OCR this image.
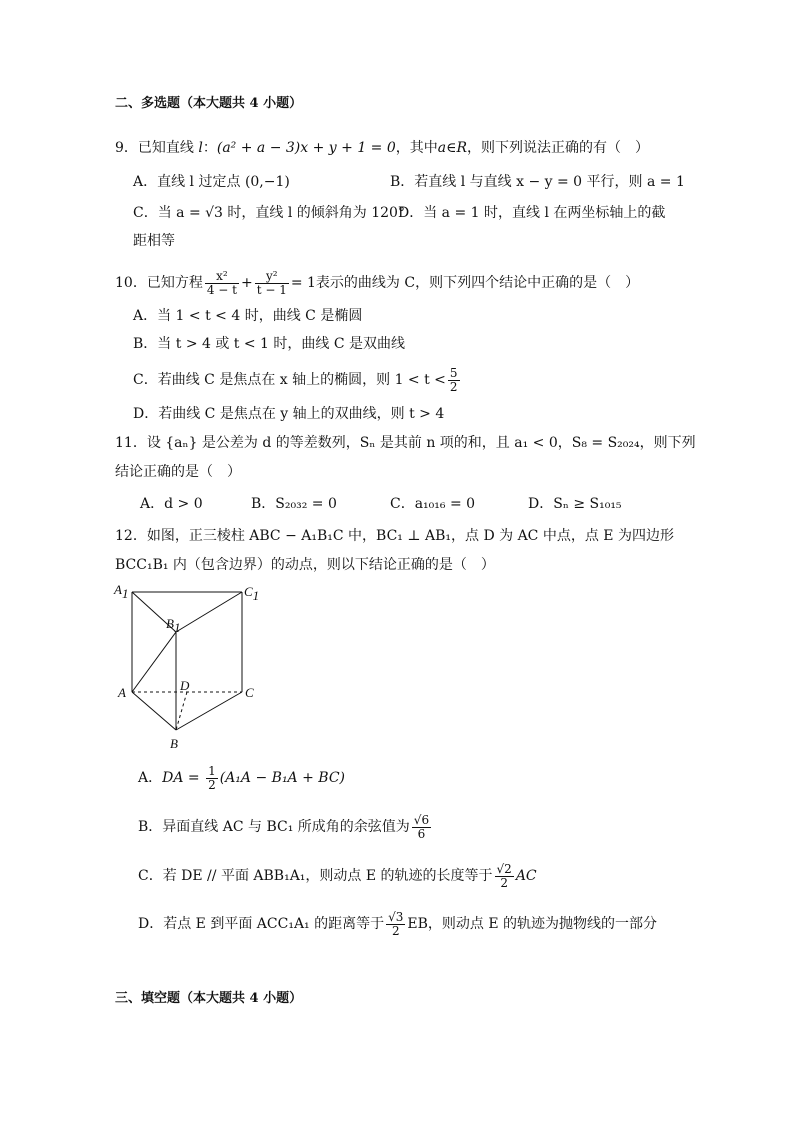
二、多选题（本大题共 4 小题）
9．已知直线 l：(a² + a − 3)x + y + 1 = 0，其中a∈R，则下列说法正确的有（　）
A．直线 l 过定点 (0,−1)	B．若直线 l 与直线 x − y = 0 平行，则 a = 1
C．当 a = √3 时，直线 l 的倾斜角为 120°
D．当 a = 1 时，直线 l 在两坐标轴上的截
距相等
10．已知方程 $\frac{\text{x²}}{4 - t} + \frac{\text{y²}}{t - 1} = 1$表示的曲线为 C，则下列四个结论中正确的是（　）
A．当 1 < t < 4 时，曲线 C 是椭圆
B．当 t > 4 或 t < 1 时，曲线 C 是双曲线
C．若曲线 C 是焦点在 x 轴上的椭圆，则 $1 < t < \frac{5}{2}$
D．若曲线 C 是焦点在 y 轴上的双曲线，则 t > 4
11．设 {aₙ} 是公差为 d 的等差数列，Sₙ 是其前 n 项的和，且 a₁ < 0，S₈ = S₂₀₂₄，则下列
结论正确的是（　）
A．d > 0	B．S₂₀₃₂ = 0	C．a₁₀₁₆ = 0	D．Sₙ ≥ S₁₀₁₅
12．如图，正三棱柱 ABC − A₁B₁C 中，BC₁ ⊥ AB₁，点 D 为 AC 中点，点 E 为四边形
BCC₁B₁ 内（包含边界）的动点，则以下结论正确的是（　）
A1	C1
B1
A	D	C
B
A．DA = $\frac{1}{2} (A_1A - B_1A + BC)$
B．异面直线 AC 与 BC₁ 所成角的余弦值为 $\frac{√6}{6}$
C．若 DE // 平面 ABB₁A₁，则动点 E 的轨迹的长度等于 $\frac{√2}{2}$ AC
D．若点 E 到平面 ACC₁A₁ 的距离等于 $\frac{√3}{2}$ EB，则动点 E 的轨迹为抛物线的一部分
三、填空题（本大题共 4 小题）
